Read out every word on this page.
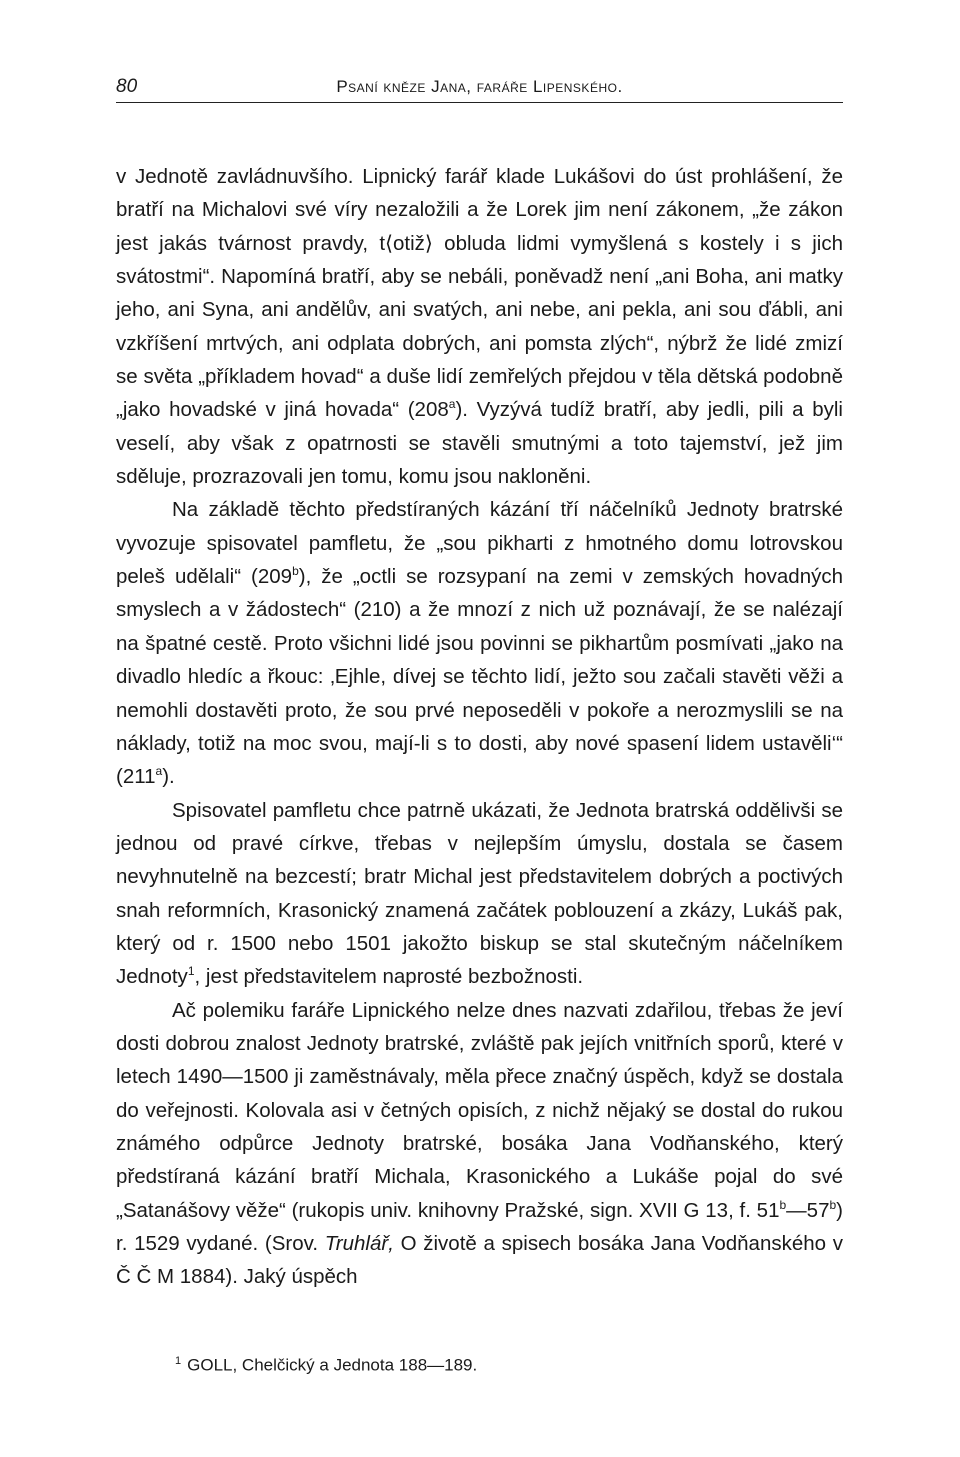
80	Psaní kněze Jana, faráře Lipenského.

v Jednotě zavládnuvšího. Lipnický farář klade Lukášovi do úst prohlášení, že bratří na Michalovi své víry nezaložili a že Lorek jim není zákonem, „že zákon jest jakás tvárnost pravdy, t⟨otiž⟩ obluda lidmi vymyšlená s kostely i s jich svátostmi“. Napomíná bratří, aby se nebáli, poněvadž není „ani Boha, ani matky jeho, ani Syna, ani andělův, ani svatých, ani nebe, ani pekla, ani sou ďábli, ani vzkříšení mrtvých, ani odplata dobrých, ani pomsta zlých“, nýbrž že lidé zmizí se světa „příkladem hovad“ a duše lidí zemřelých přejdou v těla dětská podobně „jako hovadské v jiná hovada“ (208$^a$). Vyzývá tudíž bratří, aby jedli, pili a byli veselí, aby však z opatrnosti se stavěli smutnými a toto tajemství, jež jim sděluje, prozrazovali jen tomu, komu jsou nakloněni.

Na základě těchto předstíraných kázání tří náčelníků Jednoty bratrské vyvozuje spisovatel pamfletu, že „sou pikharti z hmotného domu lotrovskou peleš udělali“ (209$^b$), že „octli se rozsypaní na zemi v zemských hovadných smyslech a v žádostech“ (210) a že mnozí z nich už poznávají, že se nalézají na špatné cestě. Proto všichni lidé jsou povinni se pikhartům posmívati „jako na divadlo hledíc a řkouc: ‚Ejhle, dívej se těchto lidí, ježto sou začali stavěti věži a nemohli dostavěti proto, že sou prvé neposeděli v pokoře a nerozmyslili se na náklady, totiž na moc svou, mají-li s to dosti, aby nové spasení lidem ustavěli‘“ (211$^a$).

Spisovatel pamfletu chce patrně ukázati, že Jednota bratrská oddělivši se jednou od pravé církve, třebas v nejlepším úmyslu, dostala se časem nevyhnutelně na bezcestí; bratr Michal jest představitelem dobrých a poctivých snah reformních, Krasonický znamená začátek poblouzení a zkázy, Lukáš pak, který od r. 1500 nebo 1501 jakožto biskup se stal skutečným náčelníkem Jednoty$^1$, jest představitelem naprosté bezbožnosti.

Ač polemiku faráře Lipnického nelze dnes nazvati zdařilou, třebas že jeví dosti dobrou znalost Jednoty bratrské, zvláště pak jejích vnitřních sporů, které v letech 1490—1500 ji zaměstnávaly, měla přece značný úspěch, když se dostala do veřejnosti. Kolovala asi v četných opisích, z nichž nějaký se dostal do rukou známého odpůrce Jednoty bratrské, bosáka Jana Vodňanského, který předstíraná kázání bratří Michala, Krasonického a Lukáše pojal do své „Satanášovy věže“ (rukopis univ. knihovny Pražské, sign. XVII G 13, f. 51$^b$—57$^b$) r. 1529 vydané. (Srov. Truhlář, O životě a spisech bosáka Jana Vodňanského v Č Č M 1884). Jaký úspěch

$^1$ GOLL, Chelčický a Jednota 188—189.
